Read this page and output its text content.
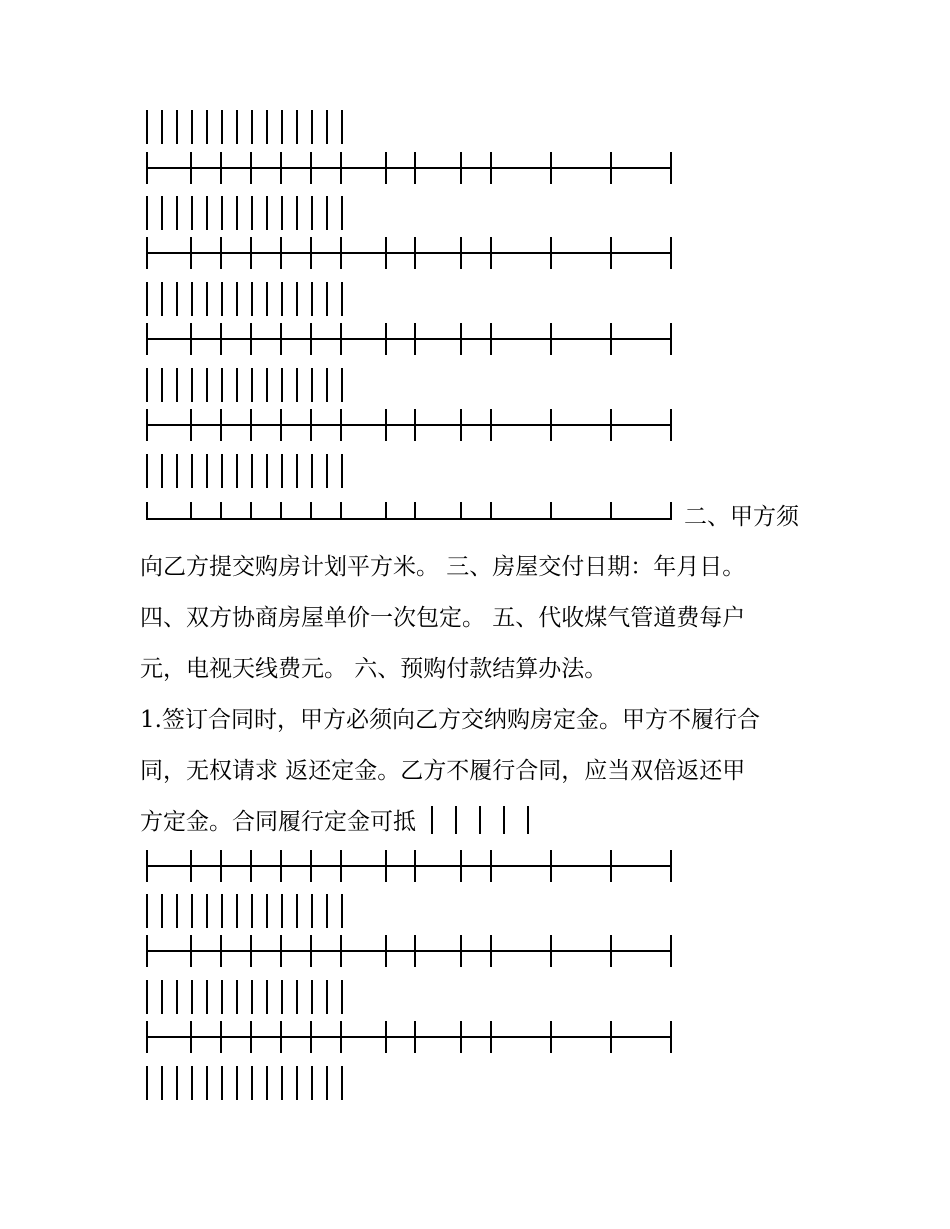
二、甲方须
向乙方提交购房计划平方米。 三、房屋交付日期：年月日。
四、双方协商房屋单价一次包定。 五、代收煤气管道费每户
元，电视天线费元。 六、预购付款结算办法。
1.签订合同时，甲方必须向乙方交纳购房定金。甲方不履行合
同，无权请求 返还定金。乙方不履行合同，应当双倍返还甲
方定金。合同履行定金可抵
